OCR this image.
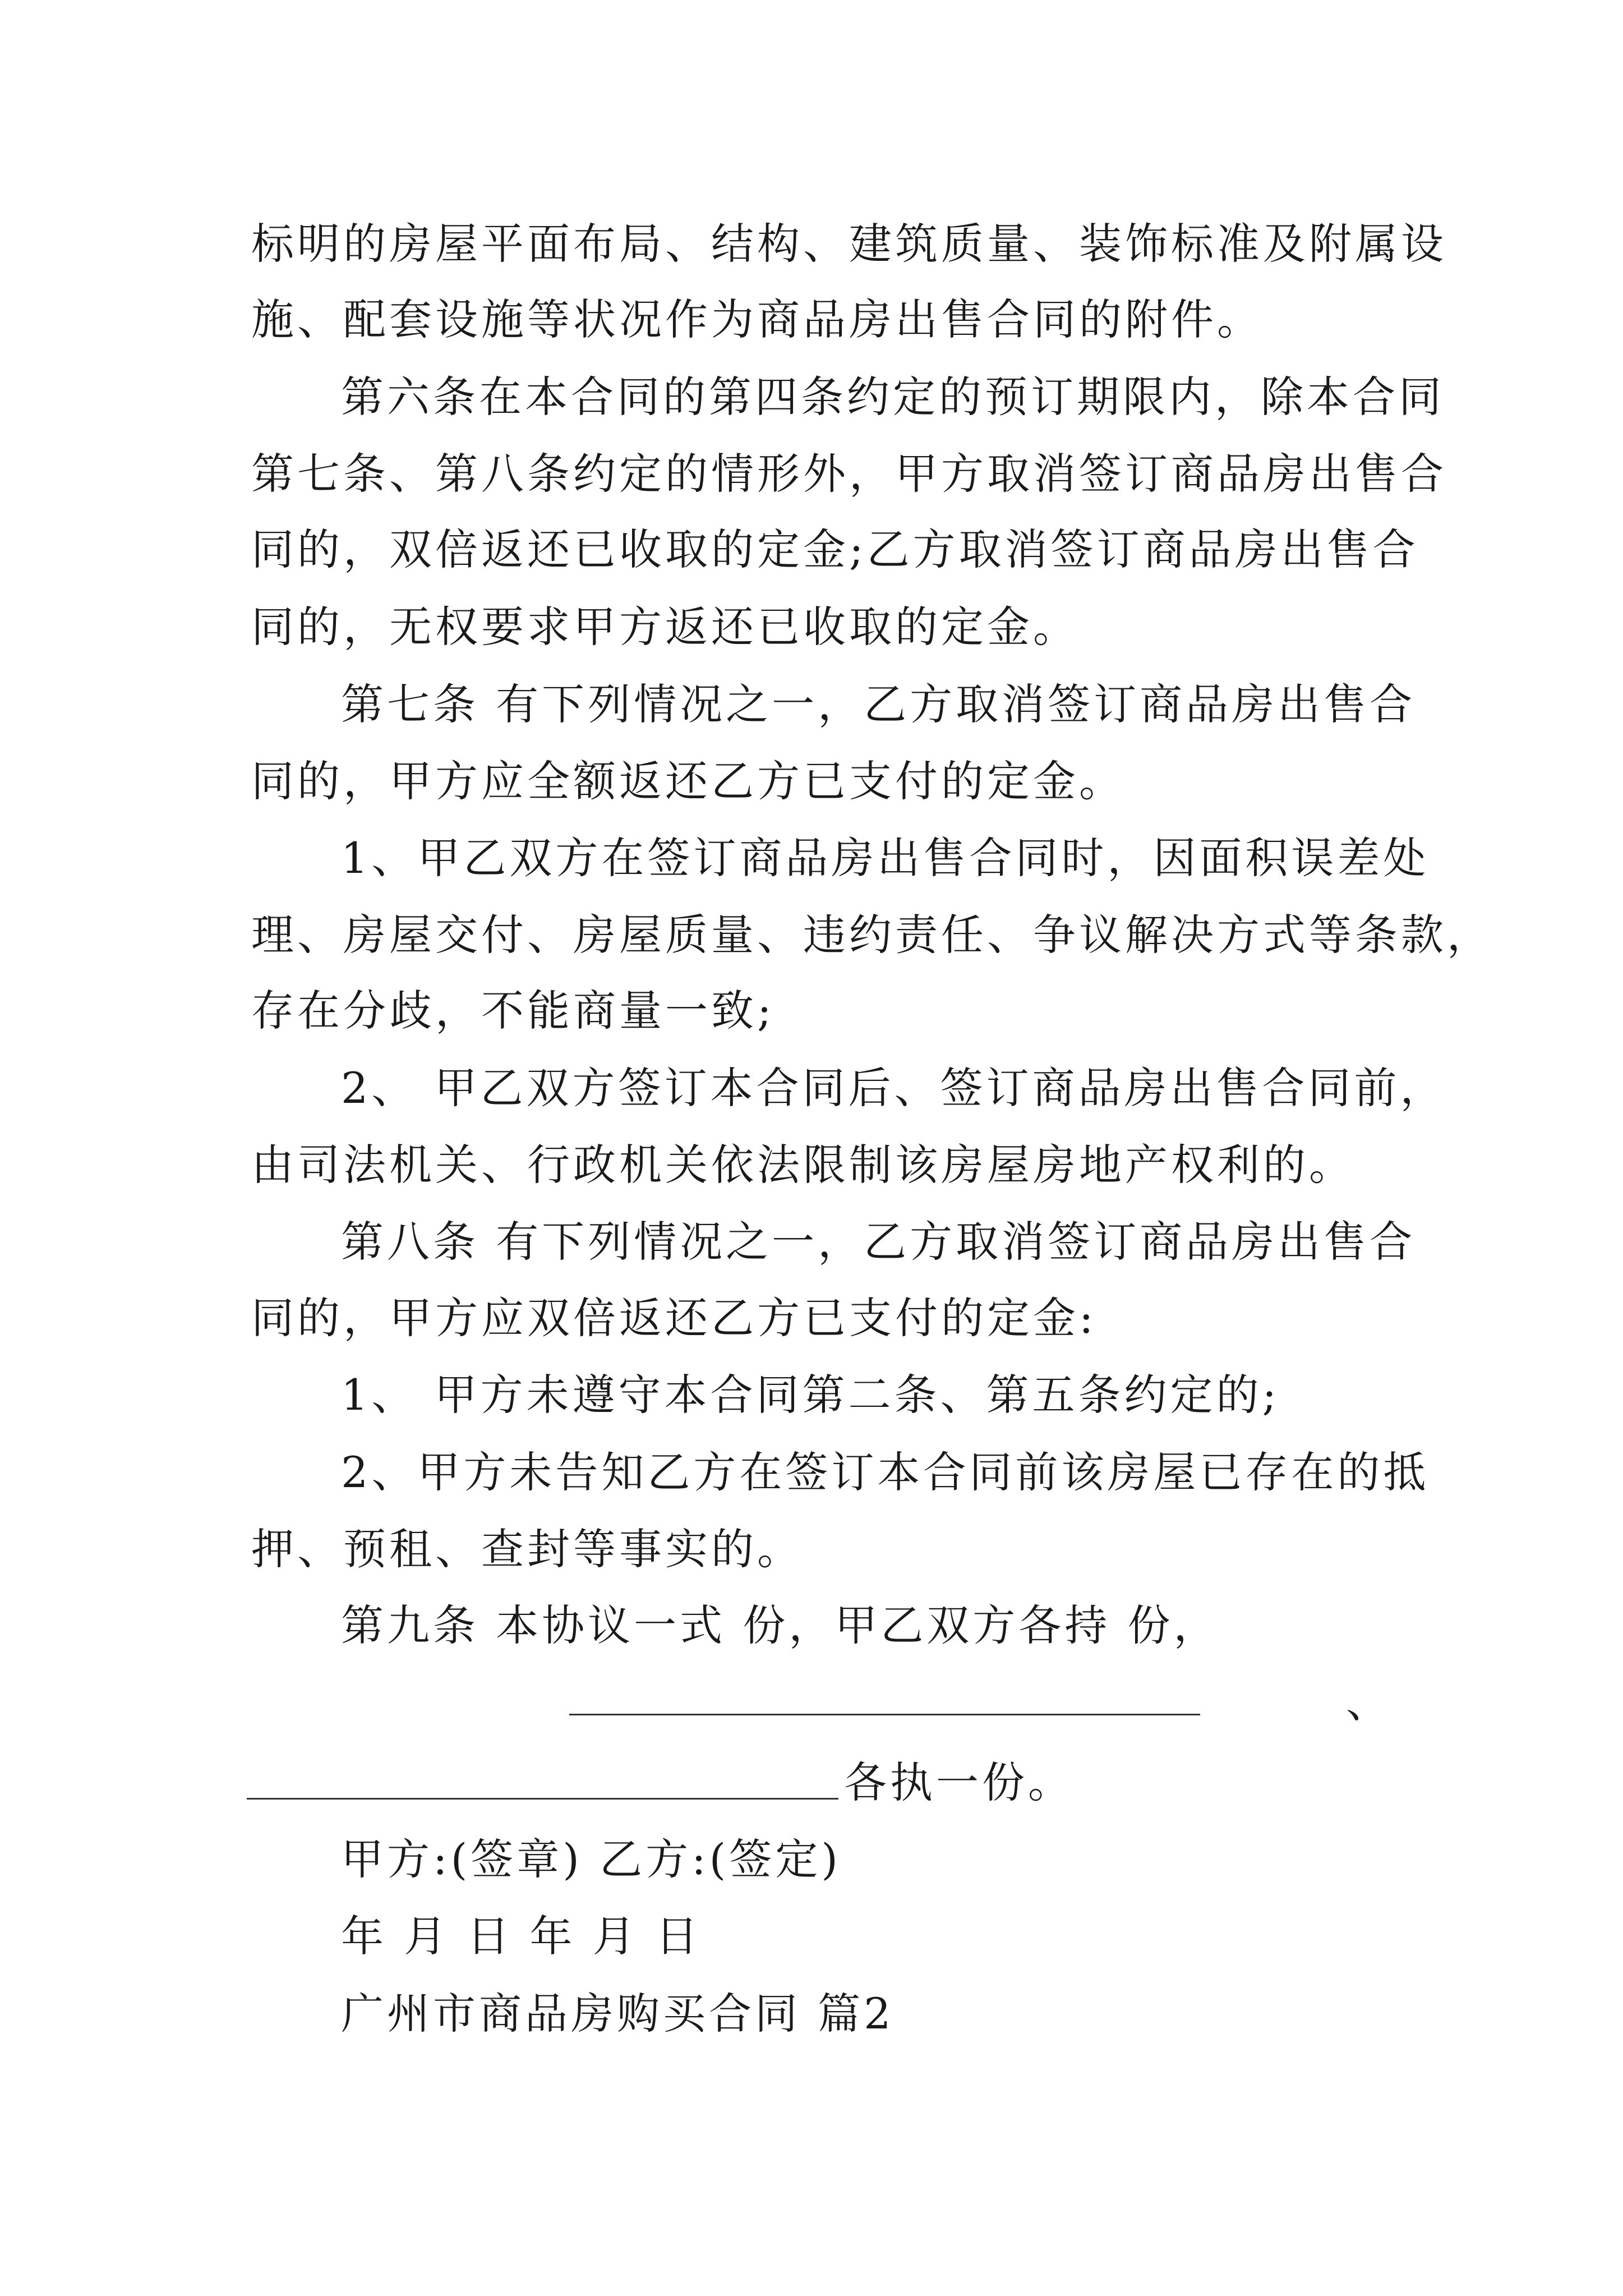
标明的房屋平面布局、结构、建筑质量、装饰标准及附属设
施、配套设施等状况作为商品房出售合同的附件。
第六条在本合同的第四条约定的预订期限内，除本合同
第七条、第八条约定的情形外，甲方取消签订商品房出售合
同的，双倍返还已收取的定金;乙方取消签订商品房出售合
同的，无权要求甲方返还已收取的定金。
第七条 有下列情况之一，乙方取消签订商品房出售合
同的，甲方应全额返还乙方已支付的定金。
1、甲乙双方在签订商品房出售合同时，因面积误差处
理、房屋交付、房屋质量、违约责任、争议解决方式等条款，
存在分歧，不能商量一致;
2、 甲乙双方签订本合同后、签订商品房出售合同前，
由司法机关、行政机关依法限制该房屋房地产权利的。
第八条 有下列情况之一，乙方取消签订商品房出售合
同的，甲方应双倍返还乙方已支付的定金:
1、 甲方未遵守本合同第二条、第五条约定的;
2、甲方未告知乙方在签订本合同前该房屋已存在的抵
押、预租、查封等事实的。
第九条 本协议一式 份，甲乙双方各持 份，
、
各执一份。
甲方:(签章) 乙方:(签定)
年 月 日 年 月 日
广州市商品房购买合同 篇2
